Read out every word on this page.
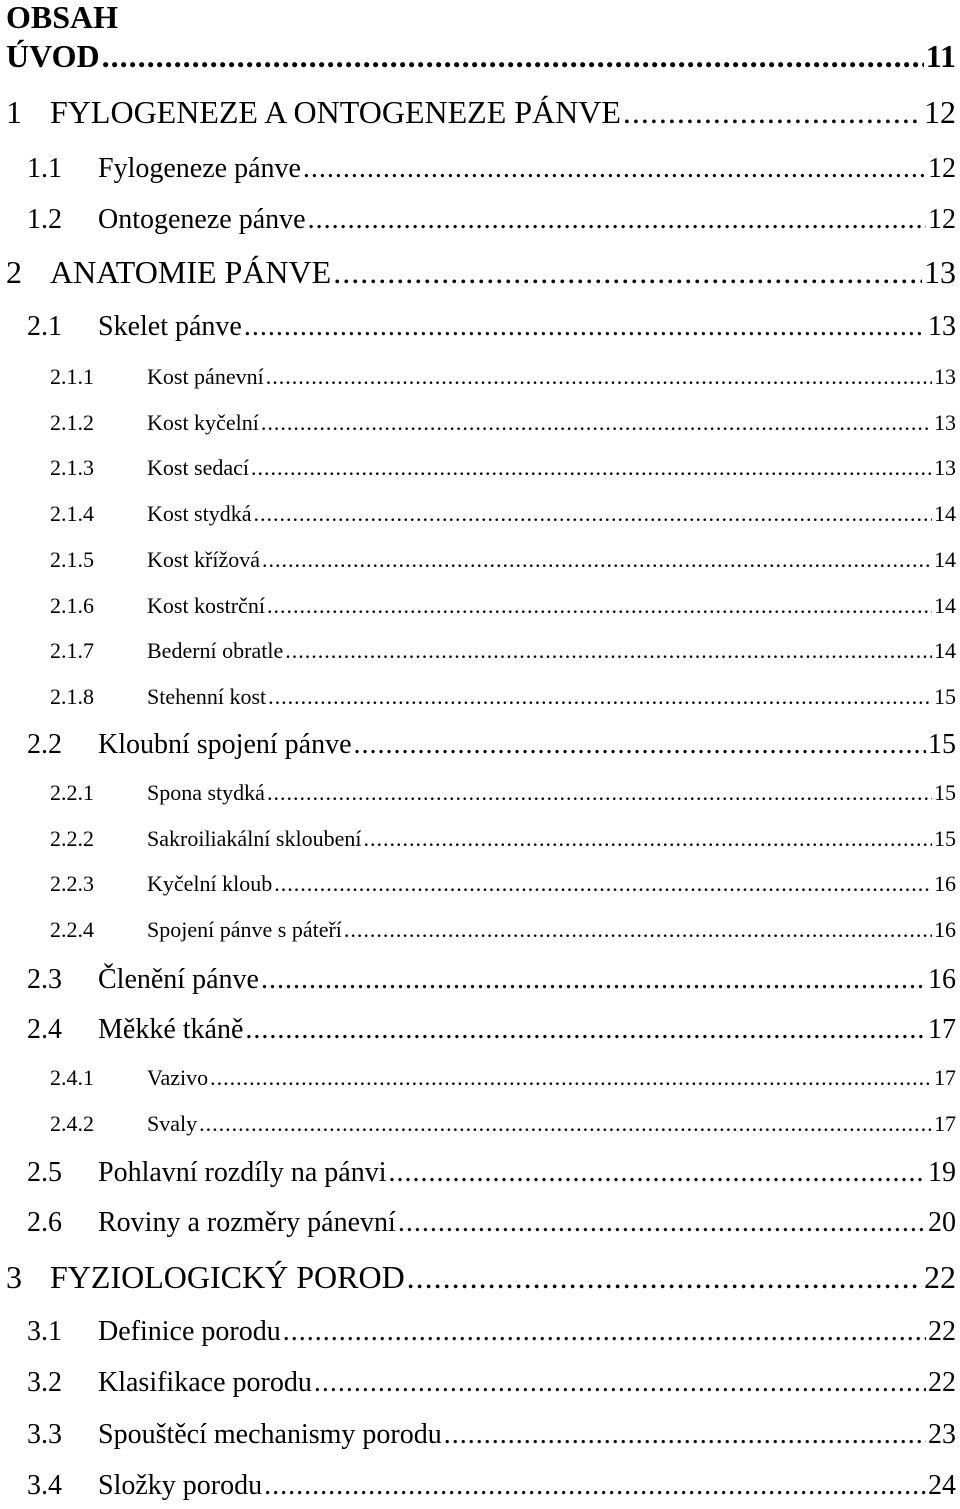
OBSAH
ÚVOD .....	11
1 FYLOGENEZE A ONTOGENEZE PÁNVE .....	12
1.1 Fylogeneze pánve .....	12
1.2 Ontogeneze pánve .....	12
2 ANATOMIE PÁNVE .....	13
2.1 Skelet pánve .....	13
2.1.1 Kost pánevní .....	13
2.1.2 Kost kyčelní .....	13
2.1.3 Kost sedací .....	13
2.1.4 Kost stydká .....	14
2.1.5 Kost křížová .....	14
2.1.6 Kost kostrční .....	14
2.1.7 Bederní obratle .....	14
2.1.8 Stehenní kost .....	15
2.2 Kloubní spojení pánve .....	15
2.2.1 Spona stydká .....	15
2.2.2 Sakroiliakální skloubení .....	15
2.2.3 Kyčelní kloub .....	16
2.2.4 Spojení pánve s páteří .....	16
2.3 Členění pánve .....	16
2.4 Měkké tkáně .....	17
2.4.1 Vazivo .....	17
2.4.2 Svaly .....	17
2.5 Pohlavní rozdíly na pánvi .....	19
2.6 Roviny a rozměry pánevní .....	20
3 FYZIOLOGICKÝ POROD .....	22
3.1 Definice porodu .....	22
3.2 Klasifikace porodu .....	22
3.3 Spouštěcí mechanismy porodu .....	23
3.4 Složky porodu .....	24
